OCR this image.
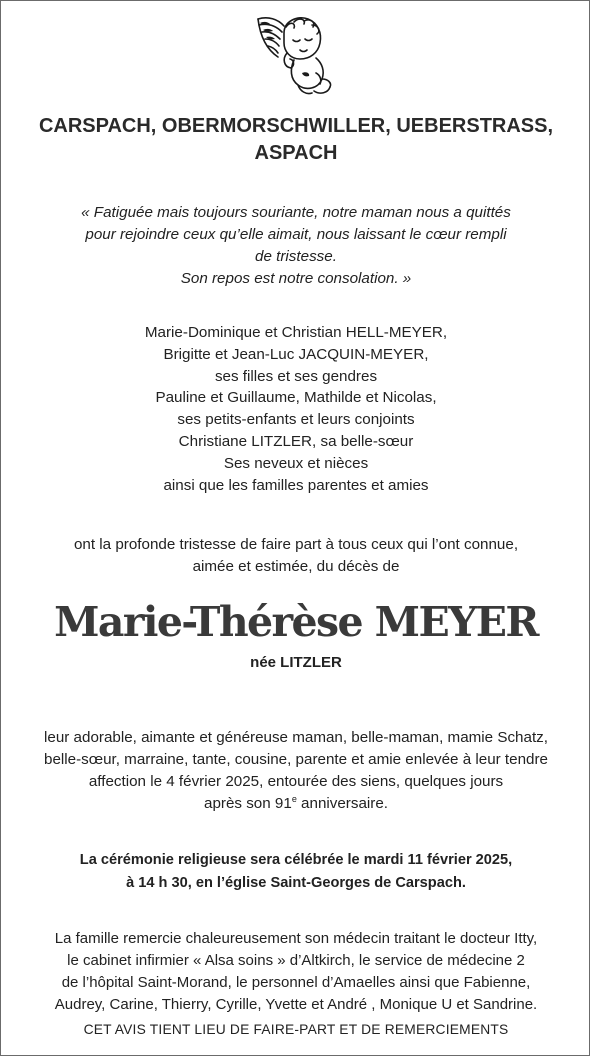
CARSPACH, OBERMORSCHWILLER, UEBERSTRASS,
ASPACH
« Fatiguée mais toujours souriante, notre maman nous a quittés
pour rejoindre ceux qu’elle aimait, nous laissant le cœur rempli
de tristesse.
Son repos est notre consolation. »
Marie-Dominique et Christian HELL-MEYER,
Brigitte et Jean-Luc JACQUIN-MEYER,
ses filles et ses gendres
Pauline et Guillaume, Mathilde et Nicolas,
ses petits-enfants et leurs conjoints
Christiane LITZLER, sa belle-sœur
Ses neveux et nièces
ainsi que les familles parentes et amies
ont la profonde tristesse de faire part à tous ceux qui l’ont connue,
aimée et estimée, du décès de
Marie-Thérèse MEYER
née LITZLER
leur adorable, aimante et généreuse maman, belle-maman, mamie Schatz,
belle-sœur, marraine, tante, cousine, parente et amie enlevée à leur tendre
affection le 4 février 2025, entourée des siens, quelques jours
après son 91e anniversaire.
La cérémonie religieuse sera célébrée le mardi 11 février 2025,
à 14 h 30, en l’église Saint-Georges de Carspach.
La famille remercie chaleureusement son médecin traitant le docteur Itty,
le cabinet infirmier « Alsa soins » d’Altkirch, le service de médecine 2
de l’hôpital Saint-Morand, le personnel d’Amaelles ainsi que Fabienne,
Audrey, Carine, Thierry, Cyrille, Yvette et André , Monique U et Sandrine.
CET AVIS TIENT LIEU DE FAIRE-PART ET DE REMERCIEMENTS
